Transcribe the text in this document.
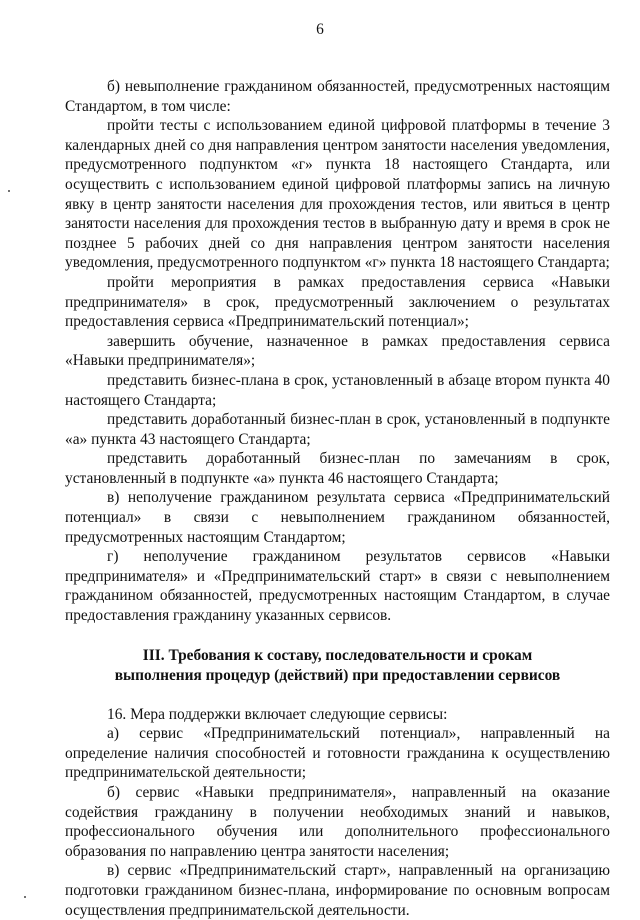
6

б) невыполнение гражданином обязанностей, предусмотренных настоящим Стандартом, в том числе:

пройти тесты с использованием единой цифровой платформы в течение 3 календарных дней со дня направления центром занятости населения уведомления, предусмотренного подпунктом «г» пункта 18 настоящего Стандарта, или осуществить с использованием единой цифровой платформы запись на личную явку в центр занятости населения для прохождения тестов, или явиться в центр занятости населения для прохождения тестов в выбранную дату и время в срок не позднее 5 рабочих дней со дня направления центром занятости населения уведомления, предусмотренного подпунктом «г» пункта 18 настоящего Стандарта;

пройти мероприятия в рамках предоставления сервиса «Навыки предпринимателя» в срок, предусмотренный заключением о результатах предоставления сервиса «Предпринимательский потенциал»;

завершить обучение, назначенное в рамках предоставления сервиса «Навыки предпринимателя»;

представить бизнес-плана в срок, установленный в абзаце втором пункта 40 настоящего Стандарта;

представить доработанный бизнес-план в срок, установленный в подпункте «а» пункта 43 настоящего Стандарта;

представить доработанный бизнес-план по замечаниям в срок, установленный в подпункте «а» пункта 46 настоящего Стандарта;

в) неполучение гражданином результата сервиса «Предпринимательский потенциал» в связи с невыполнением гражданином обязанностей, предусмотренных настоящим Стандартом;

г) неполучение гражданином результатов сервисов «Навыки предпринимателя» и «Предпринимательский старт» в связи с невыполнением гражданином обязанностей, предусмотренных настоящим Стандартом, в случае предоставления гражданину указанных сервисов.

III. Требования к составу, последовательности и срокам
выполнения процедур (действий) при предоставлении сервисов

16. Мера поддержки включает следующие сервисы:

а) сервис «Предпринимательский потенциал», направленный на определение наличия способностей и готовности гражданина к осуществлению предпринимательской деятельности;

б) сервис «Навыки предпринимателя», направленный на оказание содействия гражданину в получении необходимых знаний и навыков, профессионального обучения или дополнительного профессионального образования по направлению центра занятости населения;

в) сервис «Предпринимательский старт», направленный на организацию подготовки гражданином бизнес-плана, информирование по основным вопросам осуществления предпринимательской деятельности.
